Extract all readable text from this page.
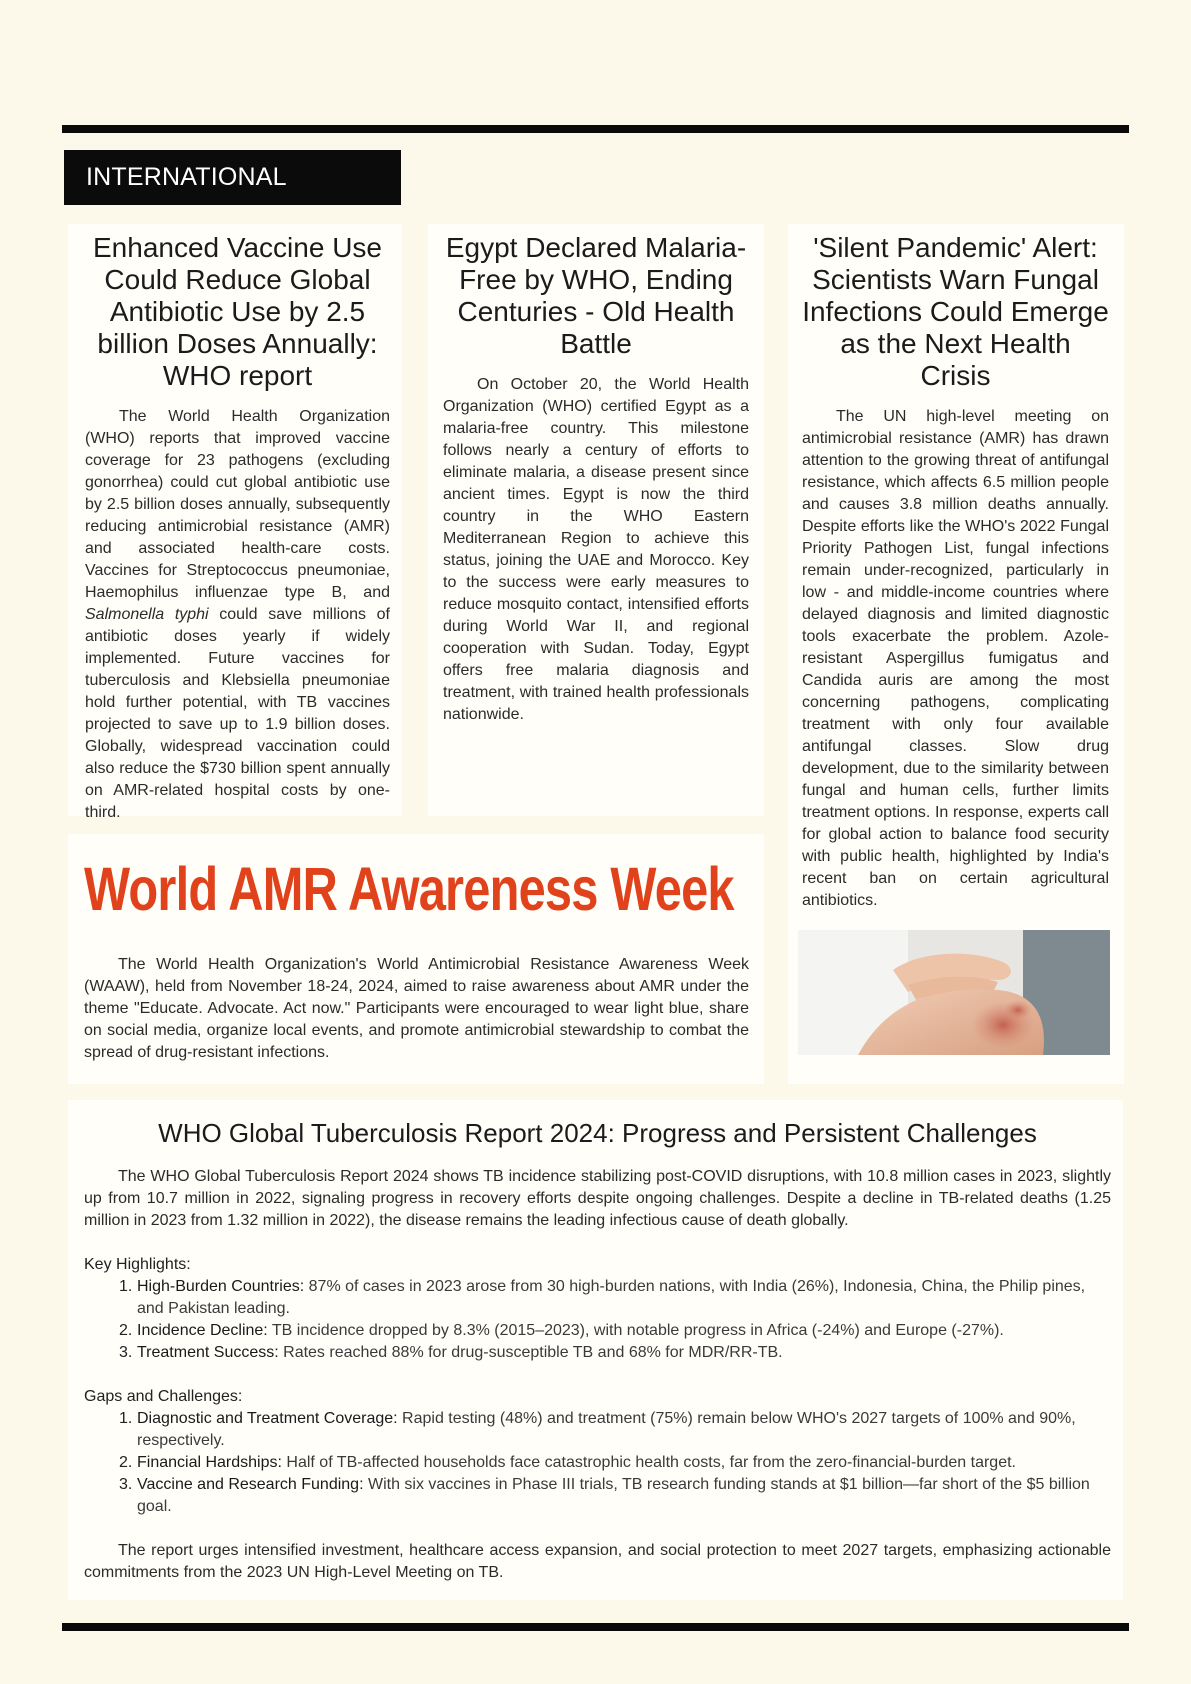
INTERNATIONAL
Enhanced Vaccine Use Could Reduce Global Antibiotic Use by 2.5 billion Doses Annually: WHO report

The World Health Organization (WHO) reports that improved vaccine coverage for 23 pathogens (excluding gonorrhea) could cut global antibiotic use by 2.5 billion doses annually, subsequently reducing antimicrobial resistance (AMR) and associated health-care costs. Vaccines for Streptococcus pneumoniae, Haemophilus influenzae type B, and Salmonella typhi could save millions of antibiotic doses yearly if widely implemented. Future vaccines for tuberculosis and Klebsiella pneumoniae hold further potential, with TB vaccines projected to save up to 1.9 billion doses. Globally, widespread vaccination could also reduce the $730 billion spent annually on AMR-related hospital costs by one-third.

Egypt Declared Malaria-Free by WHO, Ending Centuries - Old Health Battle

On October 20, the World Health Organization (WHO) certified Egypt as a malaria-free country. This milestone follows nearly a century of efforts to eliminate malaria, a disease present since ancient times. Egypt is now the third country in the WHO Eastern Mediterranean Region to achieve this status, joining the UAE and Morocco. Key to the success were early measures to reduce mosquito contact, intensified efforts during World War II, and regional cooperation with Sudan. Today, Egypt offers free malaria diagnosis and treatment, with trained health professionals nationwide.

'Silent Pandemic' Alert: Scientists Warn Fungal Infections Could Emerge as the Next Health Crisis

The UN high-level meeting on antimicrobial resistance (AMR) has drawn attention to the growing threat of antifungal resistance, which affects 6.5 million people and causes 3.8 million deaths annually. Despite efforts like the WHO's 2022 Fungal Priority Pathogen List, fungal infections remain under-recognized, particularly in low - and middle-income countries where delayed diagnosis and limited diagnostic tools exacerbate the problem. Azole-resistant Aspergillus fumigatus and Candida auris are among the most concerning pathogens, complicating treatment with only four available antifungal classes. Slow drug development, due to the similarity between fungal and human cells, further limits treatment options. In response, experts call for global action to balance food security with public health, highlighted by India's recent ban on certain agricultural antibiotics.

World AMR Awareness Week

The World Health Organization's World Antimicrobial Resistance Awareness Week (WAAW), held from November 18-24, 2024, aimed to raise awareness about AMR under the theme "Educate. Advocate. Act now." Participants were encouraged to wear light blue, share on social media, organize local events, and promote antimicrobial stewardship to combat the spread of drug-resistant infections.

WHO Global Tuberculosis Report 2024: Progress and Persistent Challenges

The WHO Global Tuberculosis Report 2024 shows TB incidence stabilizing post-COVID disruptions, with 10.8 million cases in 2023, slightly up from 10.7 million in 2022, signaling progress in recovery efforts despite ongoing challenges. Despite a decline in TB-related deaths (1.25 million in 2023 from 1.32 million in 2022), the disease remains the leading infectious cause of death globally.

Key Highlights:
1. High-Burden Countries: 87% of cases in 2023 arose from 30 high-burden nations, with India (26%), Indonesia, China, the Philip pines, and Pakistan leading.
2. Incidence Decline: TB incidence dropped by 8.3% (2015–2023), with notable progress in Africa (-24%) and Europe (-27%).
3. Treatment Success: Rates reached 88% for drug-susceptible TB and 68% for MDR/RR-TB.
Gaps and Challenges:
1. Diagnostic and Treatment Coverage: Rapid testing (48%) and treatment (75%) remain below WHO's 2027 targets of 100% and 90%, respectively.
2. Financial Hardships: Half of TB-affected households face catastrophic health costs, far from the zero-financial-burden target.
3. Vaccine and Research Funding: With six vaccines in Phase III trials, TB research funding stands at $1 billion—far short of the $5 billion goal.

The report urges intensified investment, healthcare access expansion, and social protection to meet 2027 targets, emphasizing actionable commitments from the 2023 UN High-Level Meeting on TB.
